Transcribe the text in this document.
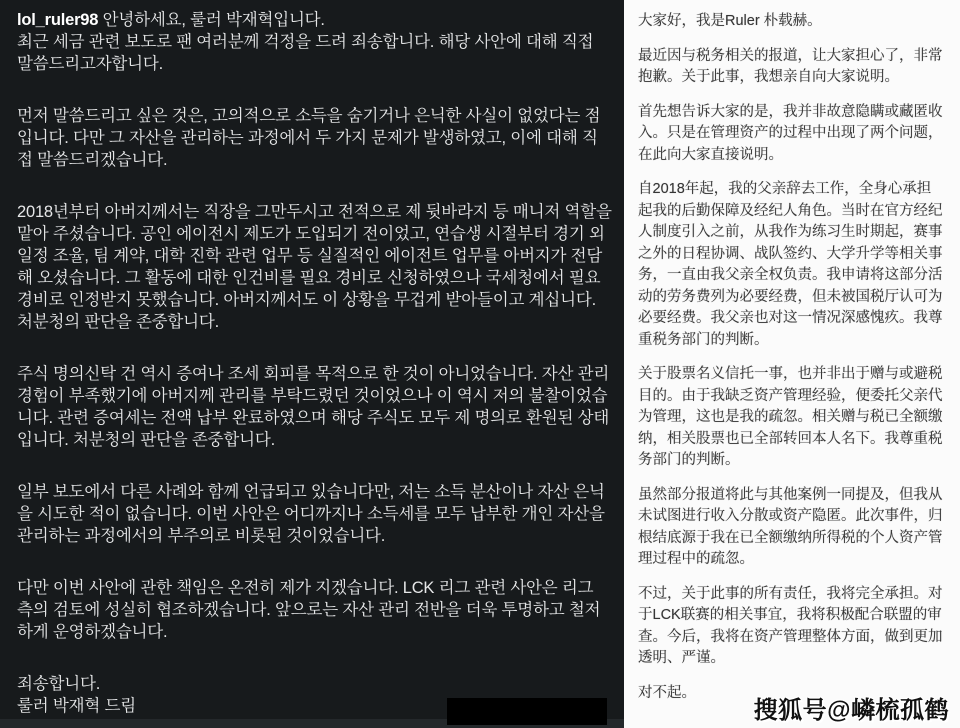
lol_ruler98 안녕하세요, 룰러 박재혁입니다.
최근 세금 관련 보도로 팬 여러분께 걱정을 드려 죄송합니다. 해당 사안에 대해 직접 말씀드리고자합니다.

먼저 말씀드리고 싶은 것은, 고의적으로 소득을 숨기거나 은닉한 사실이 없었다는 점입니다. 다만 그 자산을 관리하는 과정에서 두 가지 문제가 발생하였고, 이에 대해 직접 말씀드리겠습니다.

2018년부터 아버지께서는 직장을 그만두시고 전적으로 제 뒷바라지 등 매니저 역할을 맡아 주셨습니다. 공인 에이전시 제도가 도입되기 전이었고, 연습생 시절부터 경기 외 일정 조율, 팀 계약, 대학 진학 관련 업무 등 실질적인 에이전트 업무를 아버지가 전담해 오셨습니다. 그 활동에 대한 인건비를 필요 경비로 신청하였으나 국세청에서 필요경비로 인정받지 못했습니다. 아버지께서도 이 상황을 무겁게 받아들이고 계십니다. 처분청의 판단을 존중합니다.

주식 명의신탁 건 역시 증여나 조세 회피를 목적으로 한 것이 아니었습니다. 자산 관리 경험이 부족했기에 아버지께 관리를 부탁드렸던 것이었으나 이 역시 저의 불찰이었습니다. 관련 증여세는 전액 납부 완료하였으며 해당 주식도 모두 제 명의로 환원된 상태입니다. 처분청의 판단을 존중합니다.

일부 보도에서 다른 사례와 함께 언급되고 있습니다만, 저는 소득 분산이나 자산 은닉을 시도한 적이 없습니다. 이번 사안은 어디까지나 소득세를 모두 납부한 개인 자산을 관리하는 과정에서의 부주의로 비롯된 것이었습니다.

다만 이번 사안에 관한 책임은 온전히 제가 지겠습니다. LCK 리그 관련 사안은 리그 측의 검토에 성실히 협조하겠습니다. 앞으로는 자산 관리 전반을 더욱 투명하고 철저하게 운영하겠습니다.

죄송합니다.
룰러 박재혁 드림

大家好，我是Ruler 朴载赫。

最近因与税务相关的报道，让大家担心了，非常抱歉。关于此事，我想亲自向大家说明。

首先想告诉大家的是，我并非故意隐瞒或藏匿收入。只是在管理资产的过程中出现了两个问题，在此向大家直接说明。

自2018年起，我的父亲辞去工作，全身心承担起我的后勤保障及经纪人角色。当时在官方经纪人制度引入之前，从我作为练习生时期起，赛事之外的日程协调、战队签约、大学升学等相关事务，一直由我父亲全权负责。我申请将这部分活动的劳务费列为必要经费，但未被国税厅认可为必要经费。我父亲也对这一情况深感愧疚。我尊重税务部门的判断。

关于股票名义信托一事，也并非出于赠与或避税目的。由于我缺乏资产管理经验，便委托父亲代为管理，这也是我的疏忽。相关赠与税已全额缴纳，相关股票也已全部转回本人名下。我尊重税务部门的判断。

虽然部分报道将此与其他案例一同提及，但我从未试图进行收入分散或资产隐匿。此次事件，归根结底源于我在已全额缴纳所得税的个人资产管理过程中的疏忽。

不过，关于此事的所有责任，我将完全承担。对于LCK联赛的相关事宜，我将积极配合联盟的审查。今后，我将在资产管理整体方面，做到更加透明、严谨。

对不起。

搜狐号@嶙梳孤鹤
